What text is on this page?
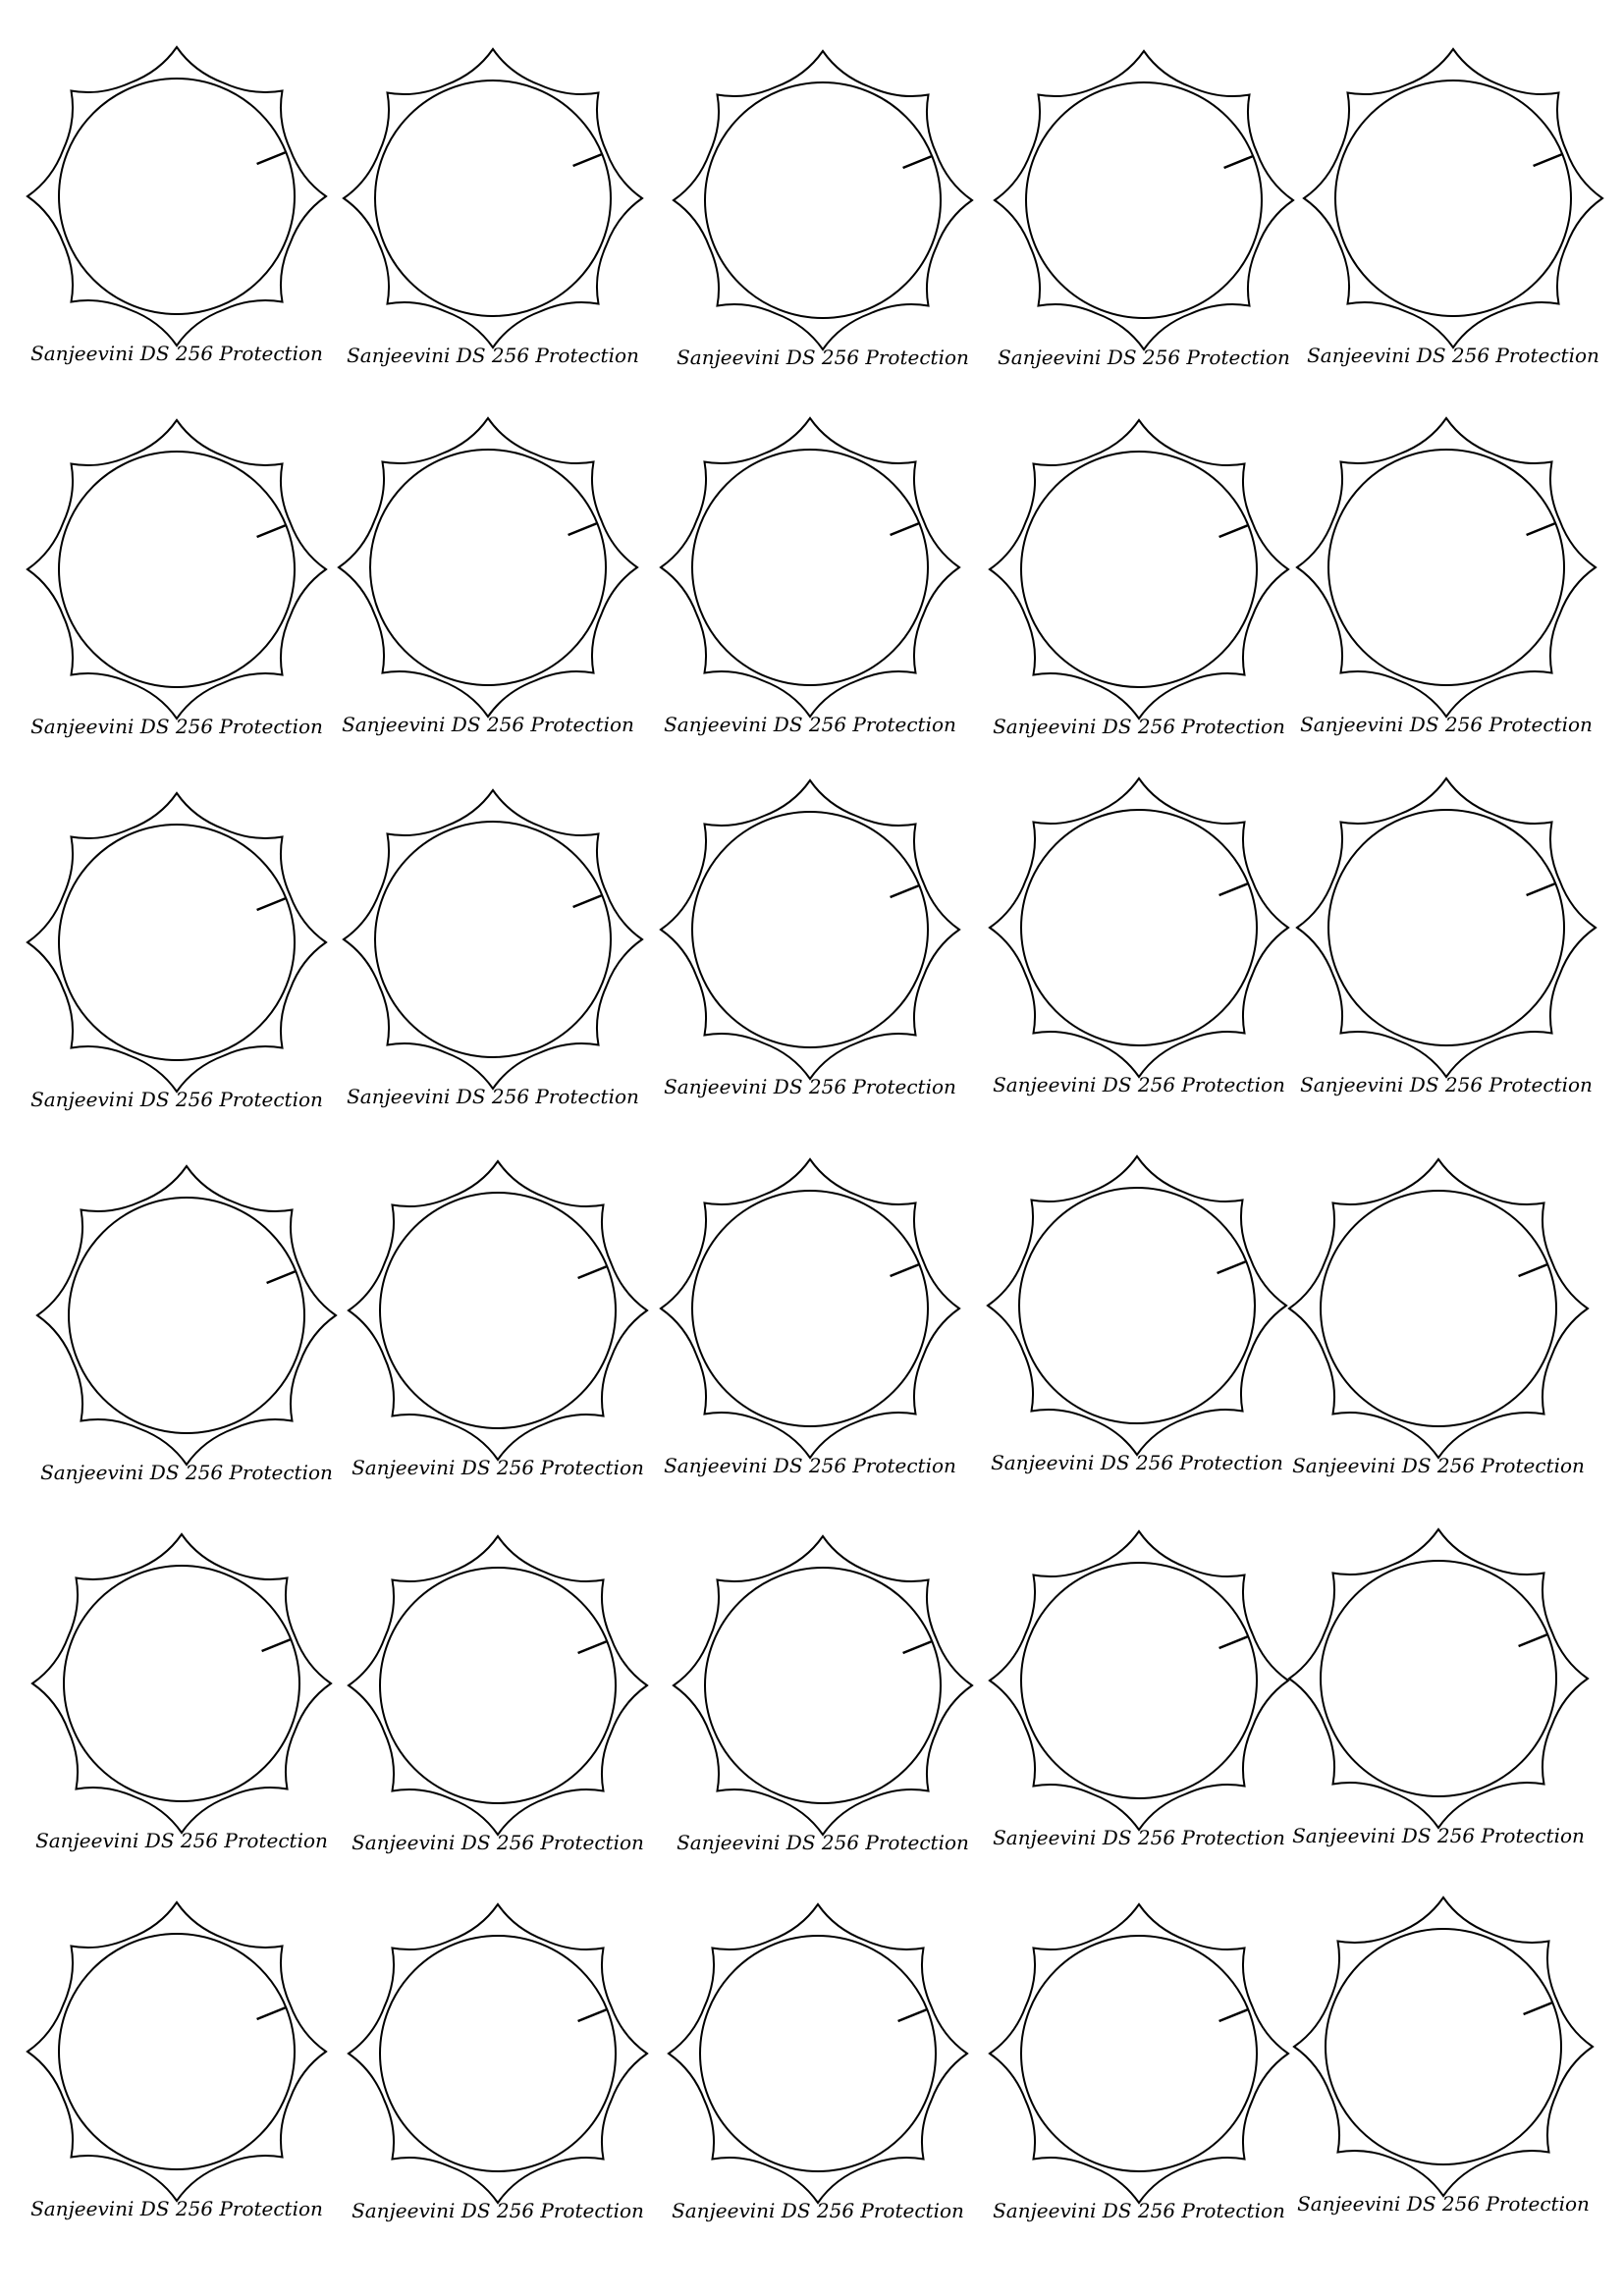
Sanjeevini DS 256 Protection	Sanjeevini DS 256 Protection	Sanjeevini DS 256 Protection	Sanjeevini DS 256 Protection Sanjeevini DS 256 Protection
Sanjeevini DS 256 Protection Sanjeevini DS 256 Protection	Sanjeevini DS 256 Protection	Sanjeevini DS 256 Protection Sanjeevini DS 256 Protection
Sanjeevini DS 256 Protection	Sanjeevini DS 256 Protection	Sanjeevini DS 256 Protection	Sanjeevini DS 256 Protection Sanjeevini DS 256 Protection
Sanjeevini DS 256 Protection Sanjeevini DS 256 Protection	Sanjeevini DS 256 Protection	Sanjeevini DS 256 Protection Sanjeevini DS 256 Protection
Sanjeevini DS 256 Protection	Sanjeevini DS 256 Protection	Sanjeevini DS 256 Protection	Sanjeevini DS 256 Protection Sanjeevini DS 256 Protection
Sanjeevini DS 256 Protection	Sanjeevini DS 256 Protection	Sanjeevini DS 256 Protection	Sanjeevini DS 256 Protection Sanjeevini DS 256 Protection
